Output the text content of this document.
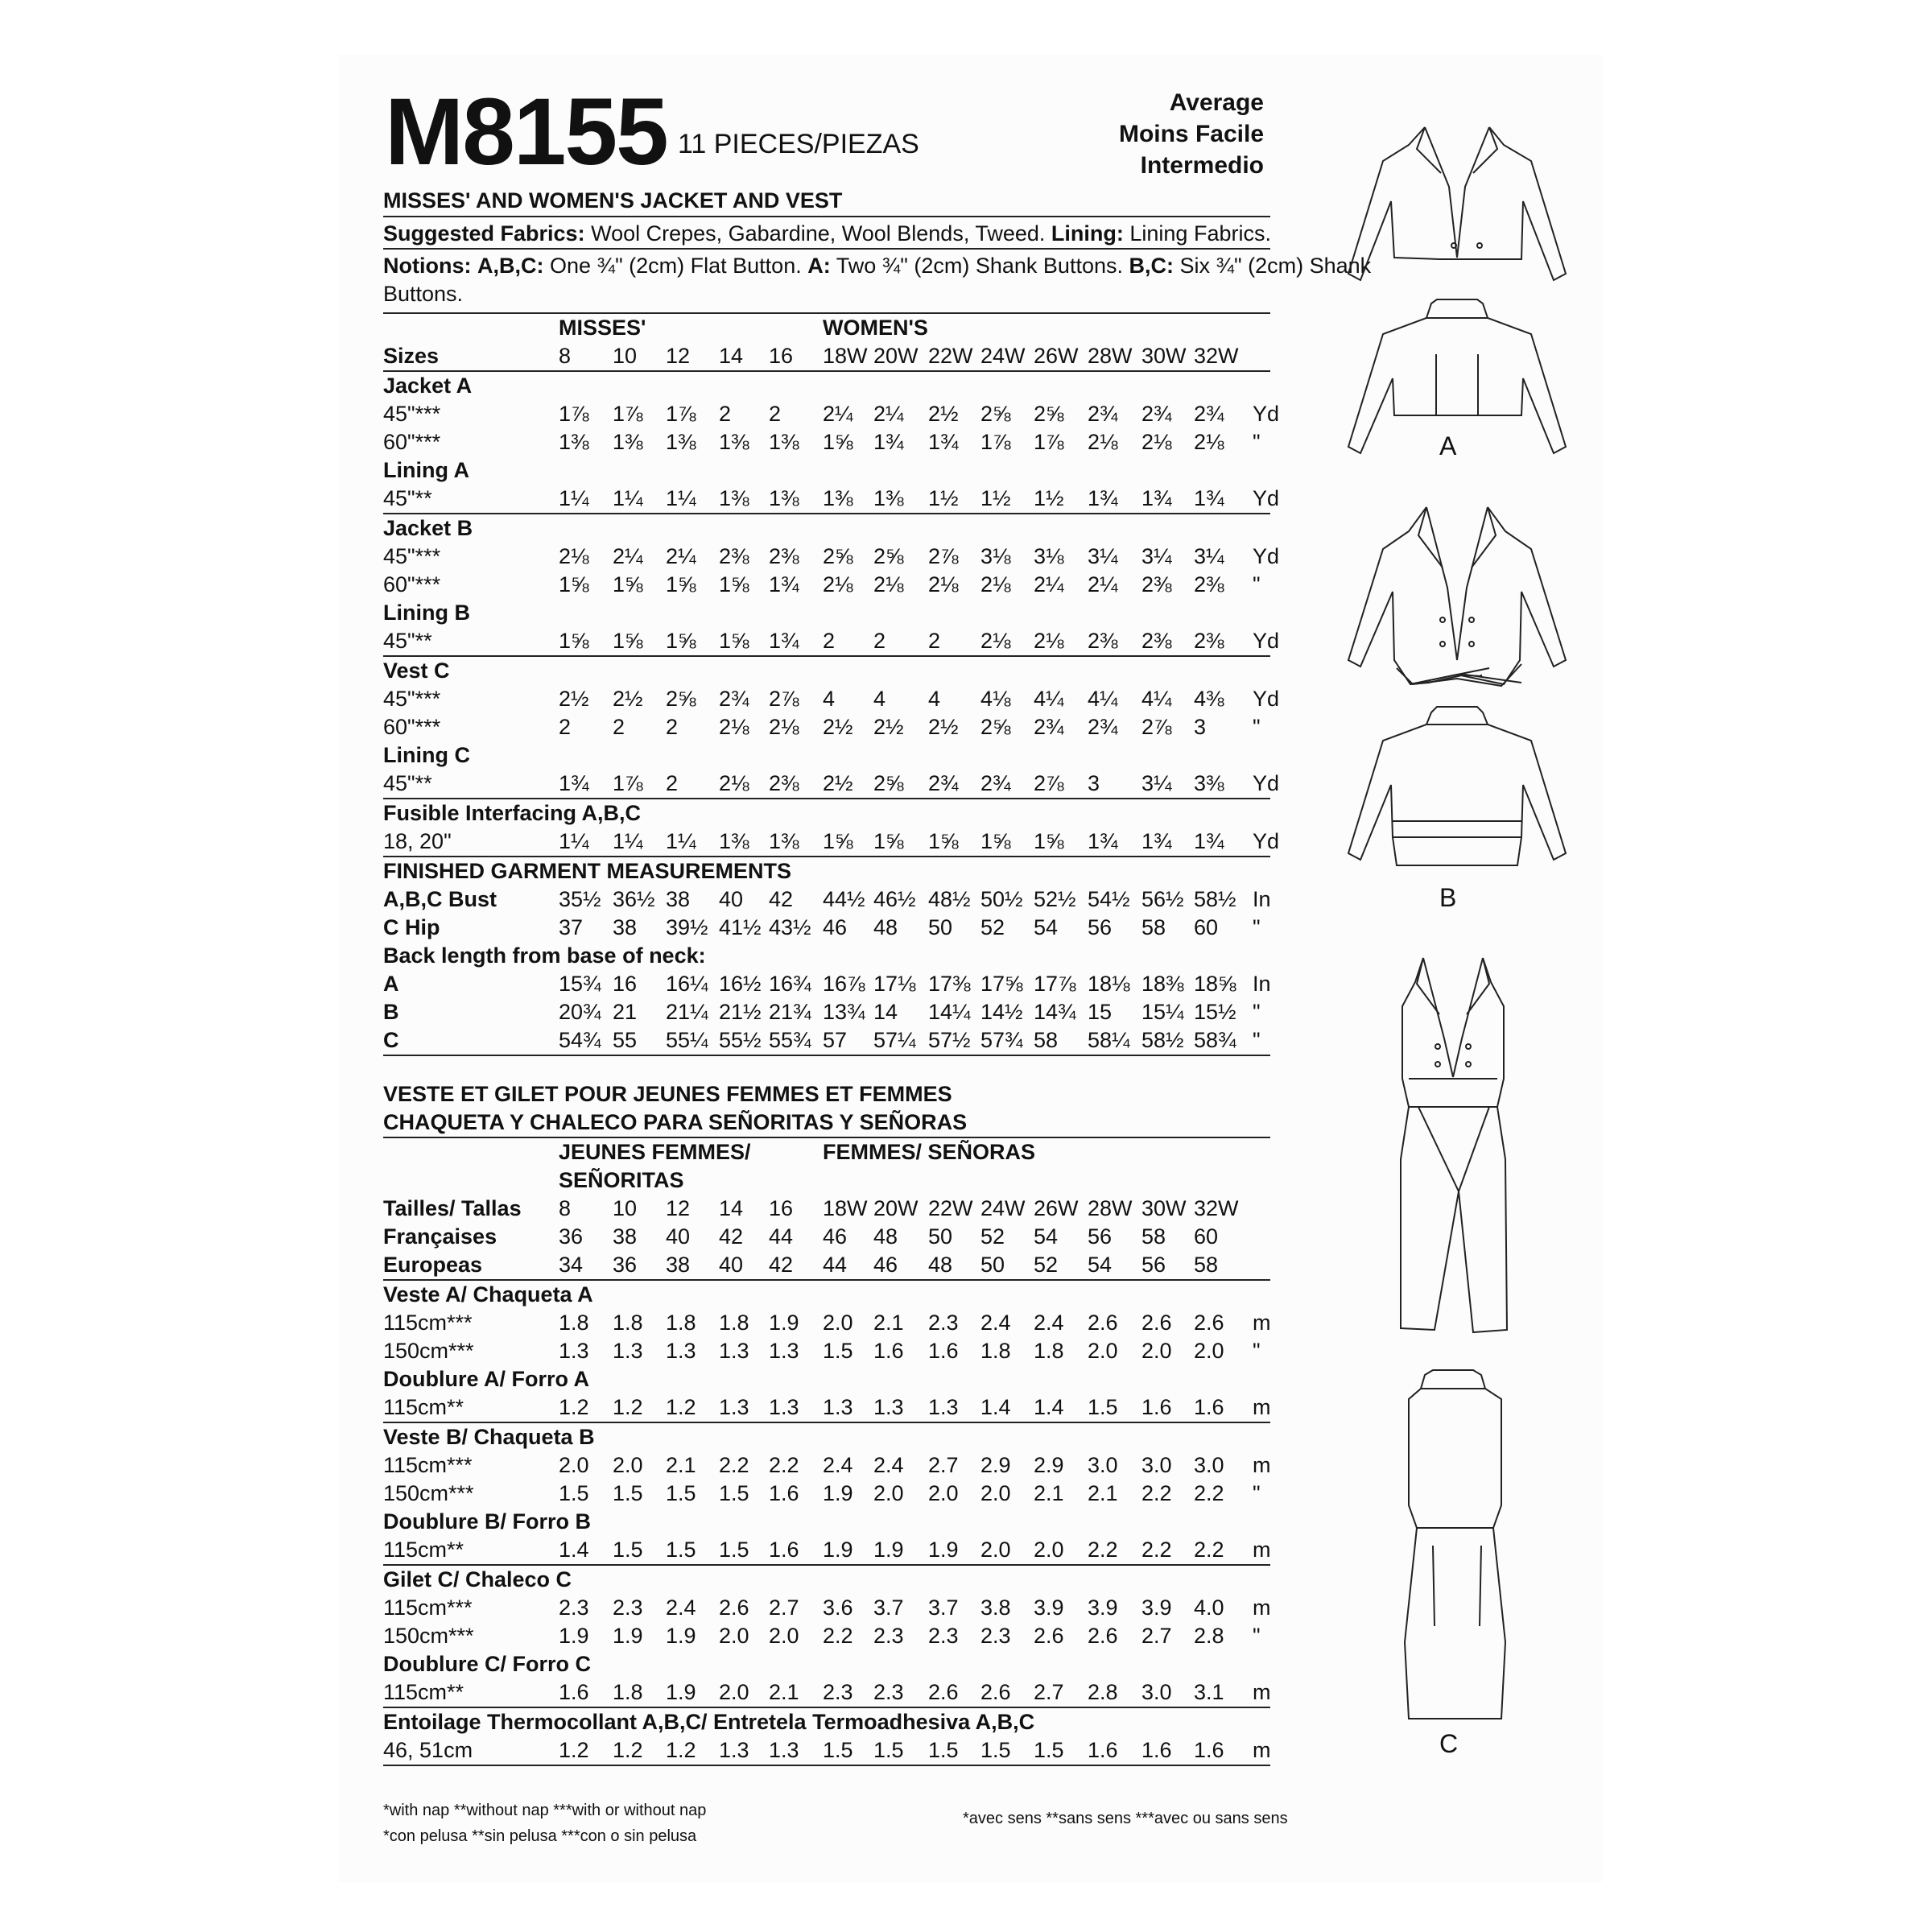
M8155 11 PIECES/PIEZAS
Average
Moins Facile
Intermedio
MISSES' AND WOMEN'S JACKET AND VEST
Suggested Fabrics: Wool Crepes, Gabardine, Wool Blends, Tweed. Lining: Lining Fabrics.
Notions: A,B,C: One ¾" (2cm) Flat Button. A: Two ¾" (2cm) Shank Buttons. B,C: Six ¾" (2cm) Shank
Buttons.
MISSES'	WOMEN'S
Sizes	8 10 12 14 16 18W 20W 22W 24W 26W 28W 30W 32W
Jacket A
45"***	1⅞ 1⅞ 1⅞ 2 2 2¼ 2¼ 2½ 2⅝ 2⅝ 2¾ 2¾ 2¾ Yd
60"***	1⅜ 1⅜ 1⅜ 1⅜ 1⅜ 1⅝ 1¾ 1¾ 1⅞ 1⅞ 2⅛ 2⅛ 2⅛ "
Lining A
45"**	1¼ 1¼ 1¼ 1⅜ 1⅜ 1⅜ 1⅜ 1½ 1½ 1½ 1¾ 1¾ 1¾ Yd
Jacket B
45"***	2⅛ 2¼ 2¼ 2⅜ 2⅜ 2⅝ 2⅝ 2⅞ 3⅛ 3⅛ 3¼ 3¼ 3¼ Yd
60"***	1⅝ 1⅝ 1⅝ 1⅝ 1¾ 2⅛ 2⅛ 2⅛ 2⅛ 2¼ 2¼ 2⅜ 2⅜ "
Lining B
45"**	1⅝ 1⅝ 1⅝ 1⅝ 1¾ 2 2 2 2⅛ 2⅛ 2⅜ 2⅜ 2⅜ Yd
Vest C
45"***	2½ 2½ 2⅝ 2¾ 2⅞ 4 4 4 4⅛ 4¼ 4¼ 4¼ 4⅜ Yd
60"***	2 2 2 2⅛ 2⅛ 2½ 2½ 2½ 2⅝ 2¾ 2¾ 2⅞ 3 "
Lining C
45"**	1¾ 1⅞ 2 2⅛ 2⅜ 2½ 2⅝ 2¾ 2¾ 2⅞ 3 3¼ 3⅜ Yd
Fusible Interfacing A,B,C
18, 20"	1¼ 1¼ 1¼ 1⅜ 1⅜ 1⅝ 1⅝ 1⅝ 1⅝ 1⅝ 1¾ 1¾ 1¾ Yd
FINISHED GARMENT MEASUREMENTS
A,B,C Bust	35½ 36½ 38 40 42 44½ 46½ 48½ 50½ 52½ 54½ 56½ 58½ In
C Hip	37 38 39½ 41½ 43½ 46 48 50 52 54 56 58 60 "
Back length from base of neck:
A	15¾ 16 16¼ 16½ 16¾ 16⅞ 17⅛ 17⅜ 17⅝ 17⅞ 18⅛ 18⅜ 18⅝ In
B	20¾ 21 21¼ 21½ 21¾ 13¾ 14 14¼ 14½ 14¾ 15 15¼ 15½ "
C	54¾ 55 55¼ 55½ 55¾ 57 57¼ 57½ 57¾ 58 58¼ 58½ 58¾ "
VESTE ET GILET POUR JEUNES FEMMES ET FEMMES
CHAQUETA Y CHALECO PARA SEÑORITAS Y SEÑORAS
JEUNES FEMMES/	FEMMES/ SEÑORAS
SEÑORITAS
Tailles/ Tallas 8 10 12 14 16 18W 20W 22W 24W 26W 28W 30W 32W
Françaises	36 38 40 42 44 46 48 50 52 54 56 58 60
Europeas	34 36 38 40 42 44 46 48 50 52 54 56 58
Veste A/ Chaqueta A
115cm***	1.8 1.8 1.8 1.8 1.9 2.0 2.1 2.3 2.4 2.4 2.6 2.6 2.6 m
150cm***	1.3 1.3 1.3 1.3 1.3 1.5 1.6 1.6 1.8 1.8 2.0 2.0 2.0 "
Doublure A/ Forro A
115cm**	1.2 1.2 1.2 1.3 1.3 1.3 1.3 1.3 1.4 1.4 1.5 1.6 1.6 m
Veste B/ Chaqueta B
115cm***	2.0 2.0 2.1 2.2 2.2 2.4 2.4 2.7 2.9 2.9 3.0 3.0 3.0 m
150cm***	1.5 1.5 1.5 1.5 1.6 1.9 2.0 2.0 2.0 2.1 2.1 2.2 2.2 "
Doublure B/ Forro B
115cm**	1.4 1.5 1.5 1.5 1.6 1.9 1.9 1.9 2.0 2.0 2.2 2.2 2.2 m
Gilet C/ Chaleco C
115cm***	2.3 2.3 2.4 2.6 2.7 3.6 3.7 3.7 3.8 3.9 3.9 3.9 4.0 m
150cm***	1.9 1.9 1.9 2.0 2.0 2.2 2.3 2.3 2.3 2.6 2.6 2.7 2.8 "
Doublure C/ Forro C
115cm**	1.6 1.8 1.9 2.0 2.1 2.3 2.3 2.6 2.6 2.7 2.8 3.0 3.1 m
Entoilage Thermocollant A,B,C/ Entretela Termoadhesiva A,B,C
46, 51cm	1.2 1.2 1.2 1.3 1.3 1.5 1.5 1.5 1.5 1.5 1.6 1.6 1.6 m
*with nap **without nap ***with or without nap
*con pelusa **sin pelusa ***con o sin pelusa
*avec sens **sans sens ***avec ou sans sens
A
B
C
